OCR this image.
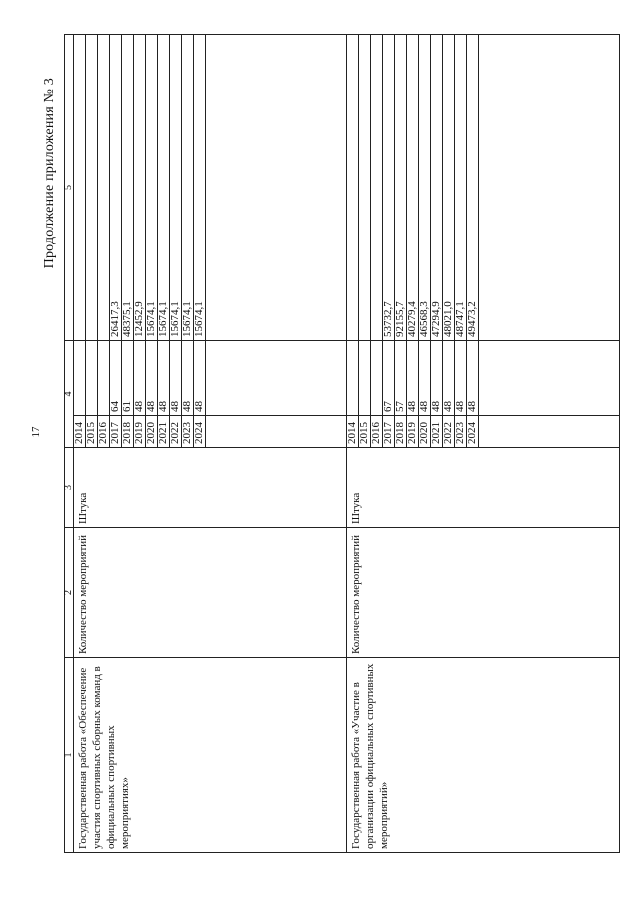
17
Продолжение приложения № 3
1	2	3	4		5
Государственная работа «Обеспечение участия спортивных сборных команд в официальных спортивных мероприятиях»	Количество мероприятий	Штука	2014		
			2015		
			2016		
			2017	64	26417,3
			2018	61	48375,1
			2019	48	12452,9
			2020	48	15674,1
			2021	48	15674,1
			2022	48	15674,1
			2023	48	15674,1
			2024	48	15674,1

Государственная работа «Участие в организации официальных спортивных мероприятий»	Количество мероприятий	Штука	2014		
			2015		
			2016		
			2017	67	53732,7
			2018	57	92155,7
			2019	48	40279,4
			2020	48	46568,3
			2021	48	47294,9
			2022	48	48021,0
			2023	48	48747,1
			2024	48	49473,2
